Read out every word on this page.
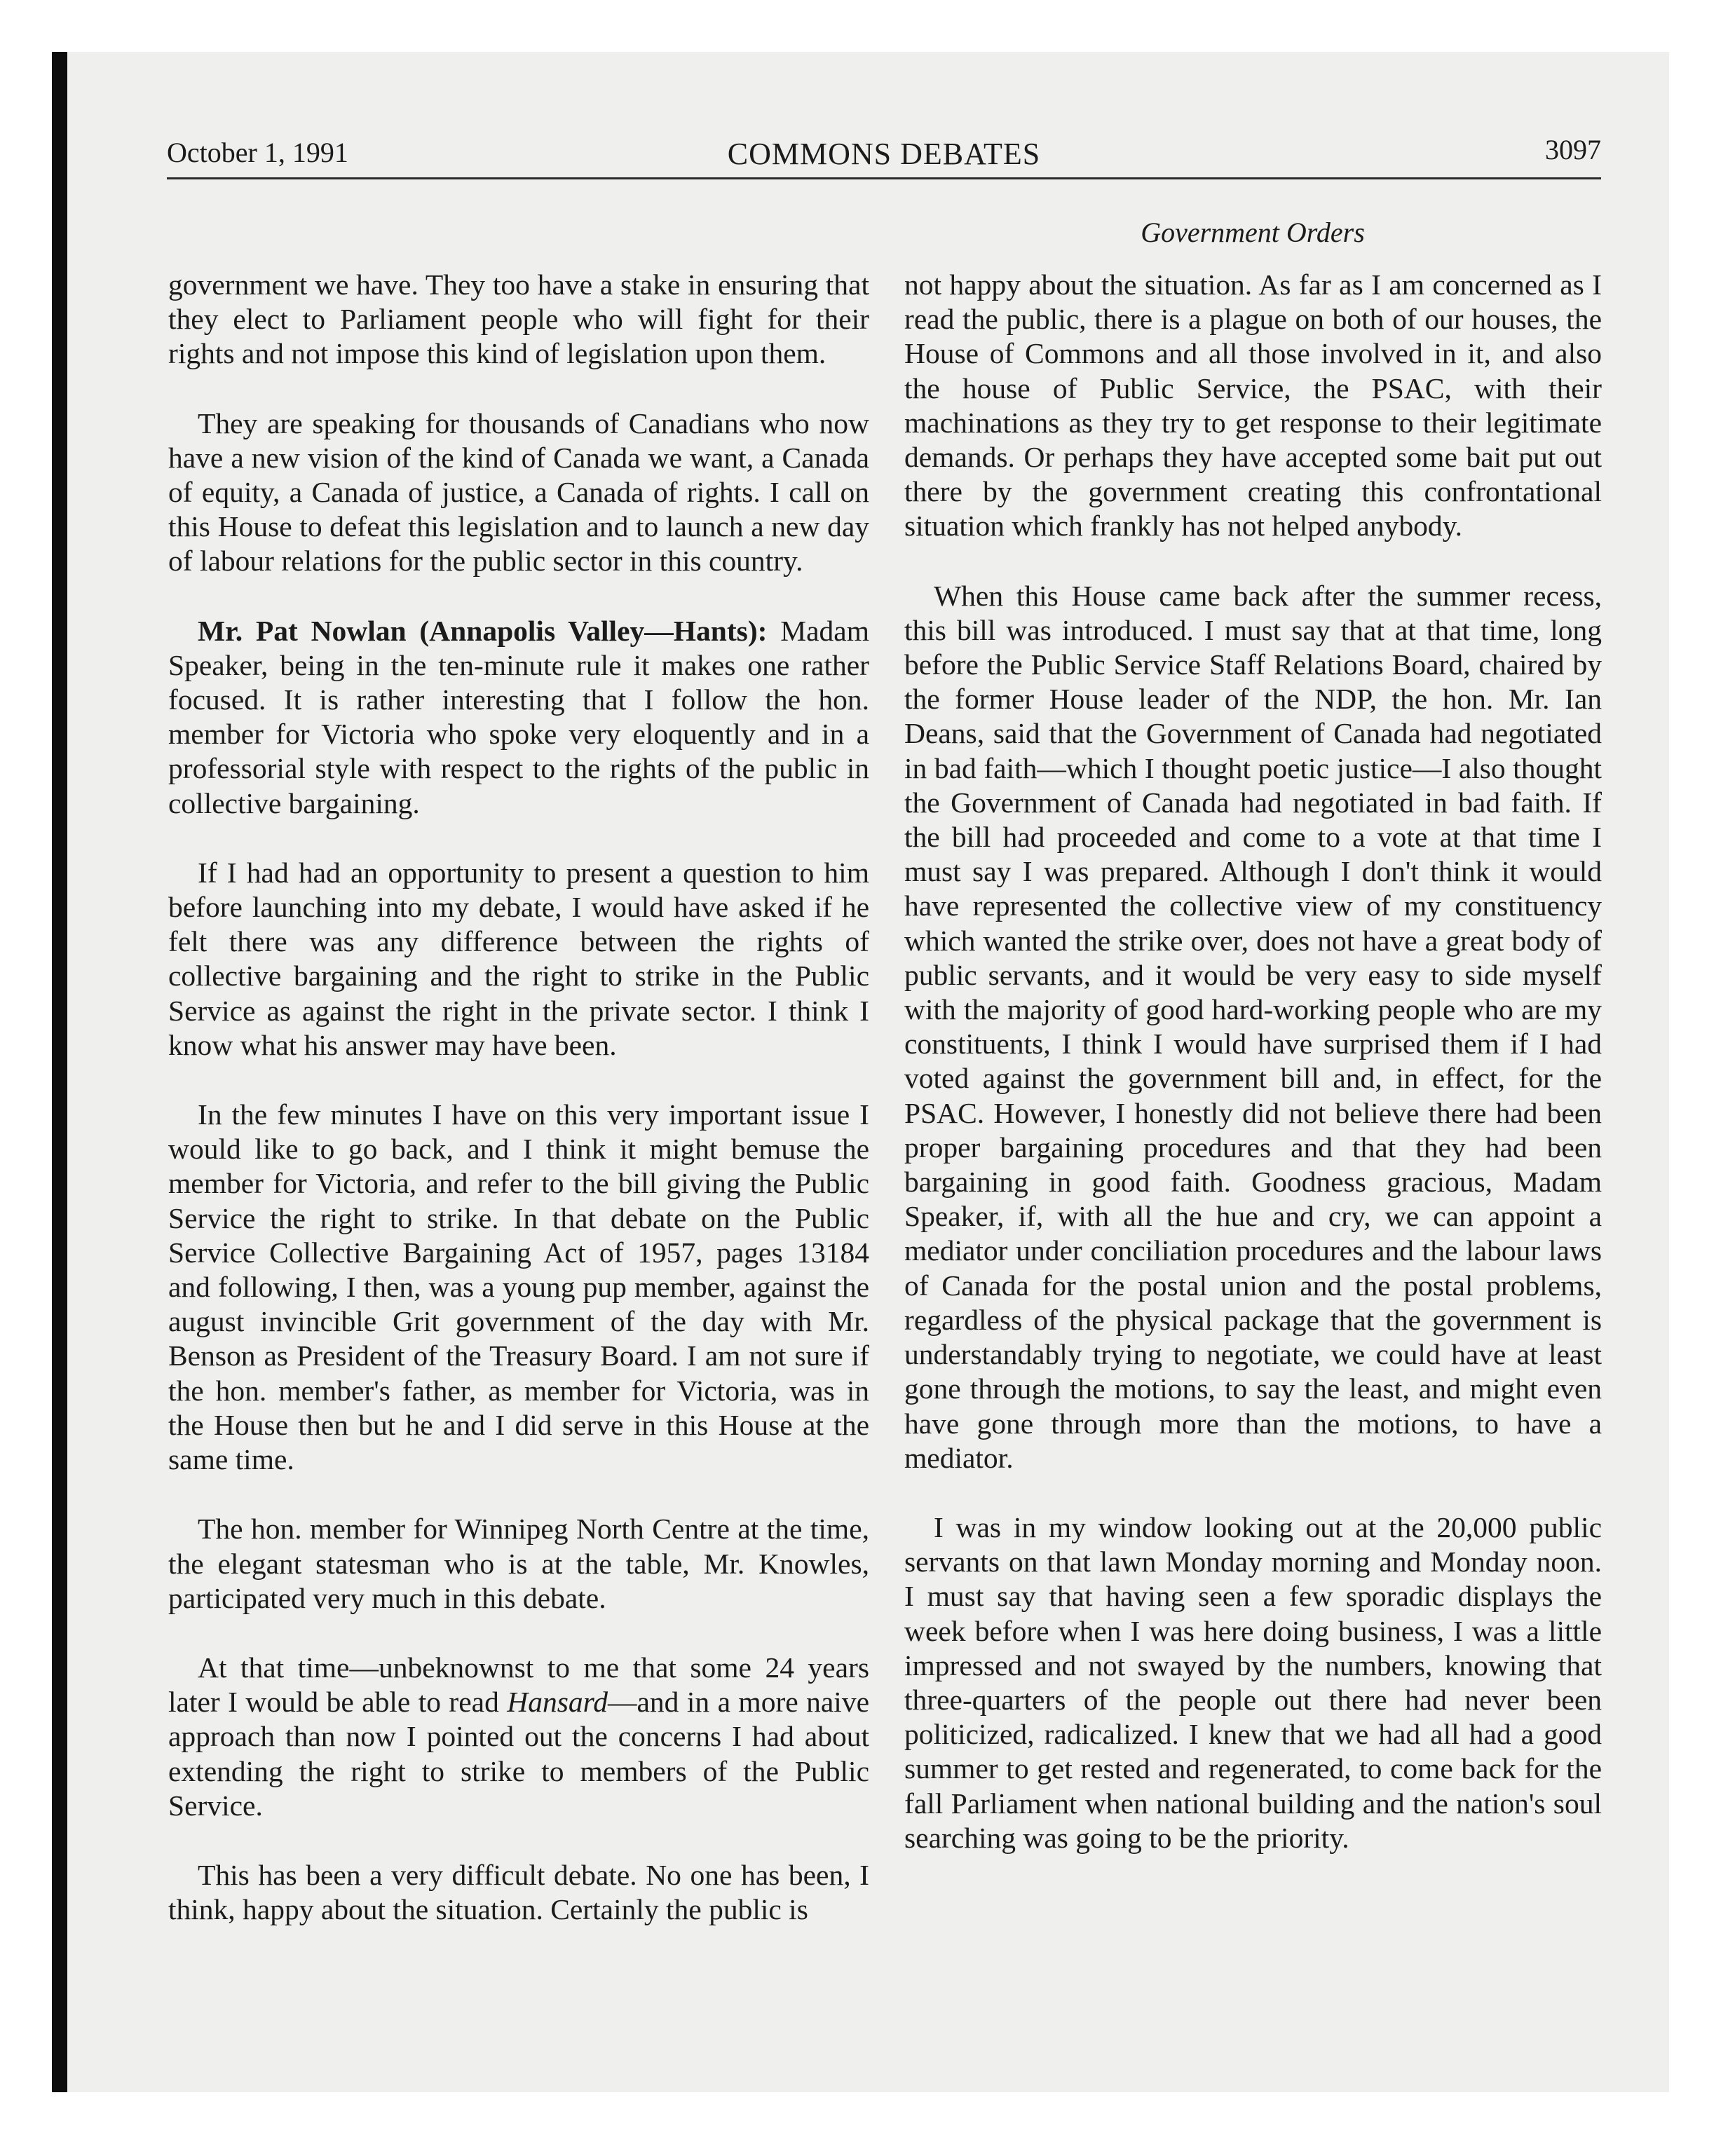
October 1, 1991	COMMONS DEBATES	3097
Government Orders

government we have. They too have a stake in ensuring that they elect to Parliament people who will fight for their rights and not impose this kind of legislation upon them.

They are speaking for thousands of Canadians who now have a new vision of the kind of Canada we want, a Canada of equity, a Canada of justice, a Canada of rights. I call on this House to defeat this legislation and to launch a new day of labour relations for the public sector in this country.

Mr. Pat Nowlan (Annapolis Valley—Hants): Madam Speaker, being in the ten-minute rule it makes one rather focused. It is rather interesting that I follow the hon. member for Victoria who spoke very eloquently and in a professorial style with respect to the rights of the public in collective bargaining.

If I had had an opportunity to present a question to him before launching into my debate, I would have asked if he felt there was any difference between the rights of collective bargaining and the right to strike in the Public Service as against the right in the private sector. I think I know what his answer may have been.

In the few minutes I have on this very important issue I would like to go back, and I think it might bemuse the member for Victoria, and refer to the bill giving the Public Service the right to strike. In that debate on the Public Service Collective Bargaining Act of 1957, pages 13184 and following, I then, was a young pup member, against the august invincible Grit government of the day with Mr. Benson as President of the Treasury Board. I am not sure if the hon. member's father, as member for Victoria, was in the House then but he and I did serve in this House at the same time.

The hon. member for Winnipeg North Centre at the time, the elegant statesman who is at the table, Mr. Knowles, participated very much in this debate.

At that time—unbeknownst to me that some 24 years later I would be able to read Hansard—and in a more naive approach than now I pointed out the concerns I had about extending the right to strike to members of the Public Service.

This has been a very difficult debate. No one has been, I think, happy about the situation. Certainly the public is

not happy about the situation. As far as I am concerned as I read the public, there is a plague on both of our houses, the House of Commons and all those involved in it, and also the house of Public Service, the PSAC, with their machinations as they try to get response to their legitimate demands. Or perhaps they have accepted some bait put out there by the government creating this confrontational situation which frankly has not helped anybody.

When this House came back after the summer recess, this bill was introduced. I must say that at that time, long before the Public Service Staff Relations Board, chaired by the former House leader of the NDP, the hon. Mr. Ian Deans, said that the Government of Canada had negotiated in bad faith—which I thought poetic justice—I also thought the Government of Canada had negotiated in bad faith. If the bill had proceeded and come to a vote at that time I must say I was prepared. Although I don't think it would have represented the collective view of my constituency which wanted the strike over, does not have a great body of public servants, and it would be very easy to side myself with the majority of good hard-working people who are my constituents, I think I would have surprised them if I had voted against the government bill and, in effect, for the PSAC. However, I honestly did not believe there had been proper bargaining procedures and that they had been bargaining in good faith. Goodness gracious, Madam Speaker, if, with all the hue and cry, we can appoint a mediator under conciliation procedures and the labour laws of Canada for the postal union and the postal problems, regardless of the physical package that the government is understandably trying to negotiate, we could have at least gone through the motions, to say the least, and might even have gone through more than the motions, to have a mediator.

I was in my window looking out at the 20,000 public servants on that lawn Monday morning and Monday noon. I must say that having seen a few sporadic displays the week before when I was here doing business, I was a little impressed and not swayed by the numbers, knowing that three-quarters of the people out there had never been politicized, radicalized. I knew that we had all had a good summer to get rested and regenerated, to come back for the fall Parliament when national building and the nation's soul searching was going to be the priority.
